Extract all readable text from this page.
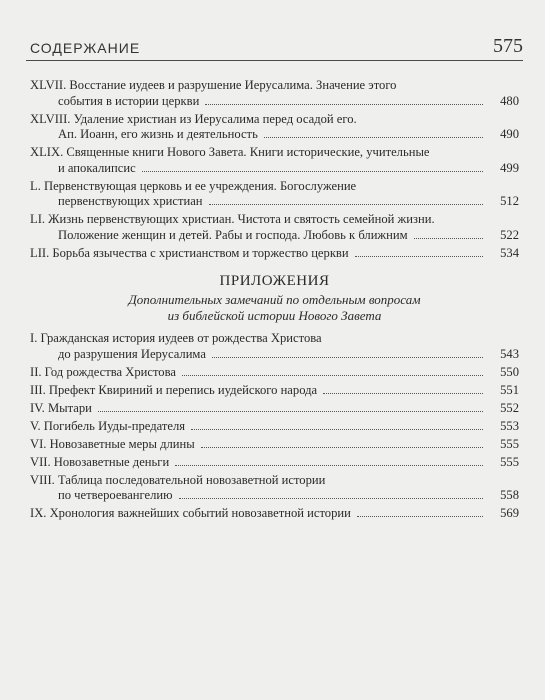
СОДЕРЖАНИЕ	575
XLVII. Восстание иудеев и разрушение Иерусалима. Значение этого
события в истории церкви	480
XLVIII. Удаление христиан из Иерусалима перед осадой его.
Ап. Иоанн, его жизнь и деятельность	490
XLIX. Священные книги Нового Завета. Книги исторические, учительные
и апокалипсис	499
L. Первенствующая церковь и ее учреждения. Богослужение
первенствующих христиан	512
LI. Жизнь первенствующих христиан. Чистота и святость семейной жизни.
Положение женщин и детей. Рабы и господа. Любовь к ближним	522
LII. Борьба язычества с христианством и торжество церкви	534
ПРИЛОЖЕНИЯ
Дополнительных замечаний по отдельным вопросам
из библейской истории Нового Завета
I. Гражданская история иудеев от рождества Христова
до разрушения Иерусалима	543
II. Год рождества Христова	550
III. Префект Квириний и перепись иудейского народа	551
IV. Мытари	552
V. Погибель Иуды-предателя	553
VI. Новозаветные меры длины	555
VII. Новозаветные деньги	555
VIII. Таблица последовательной новозаветной истории
по четвероевангелию	558
IX. Хронология важнейших событий новозаветной истории	569
